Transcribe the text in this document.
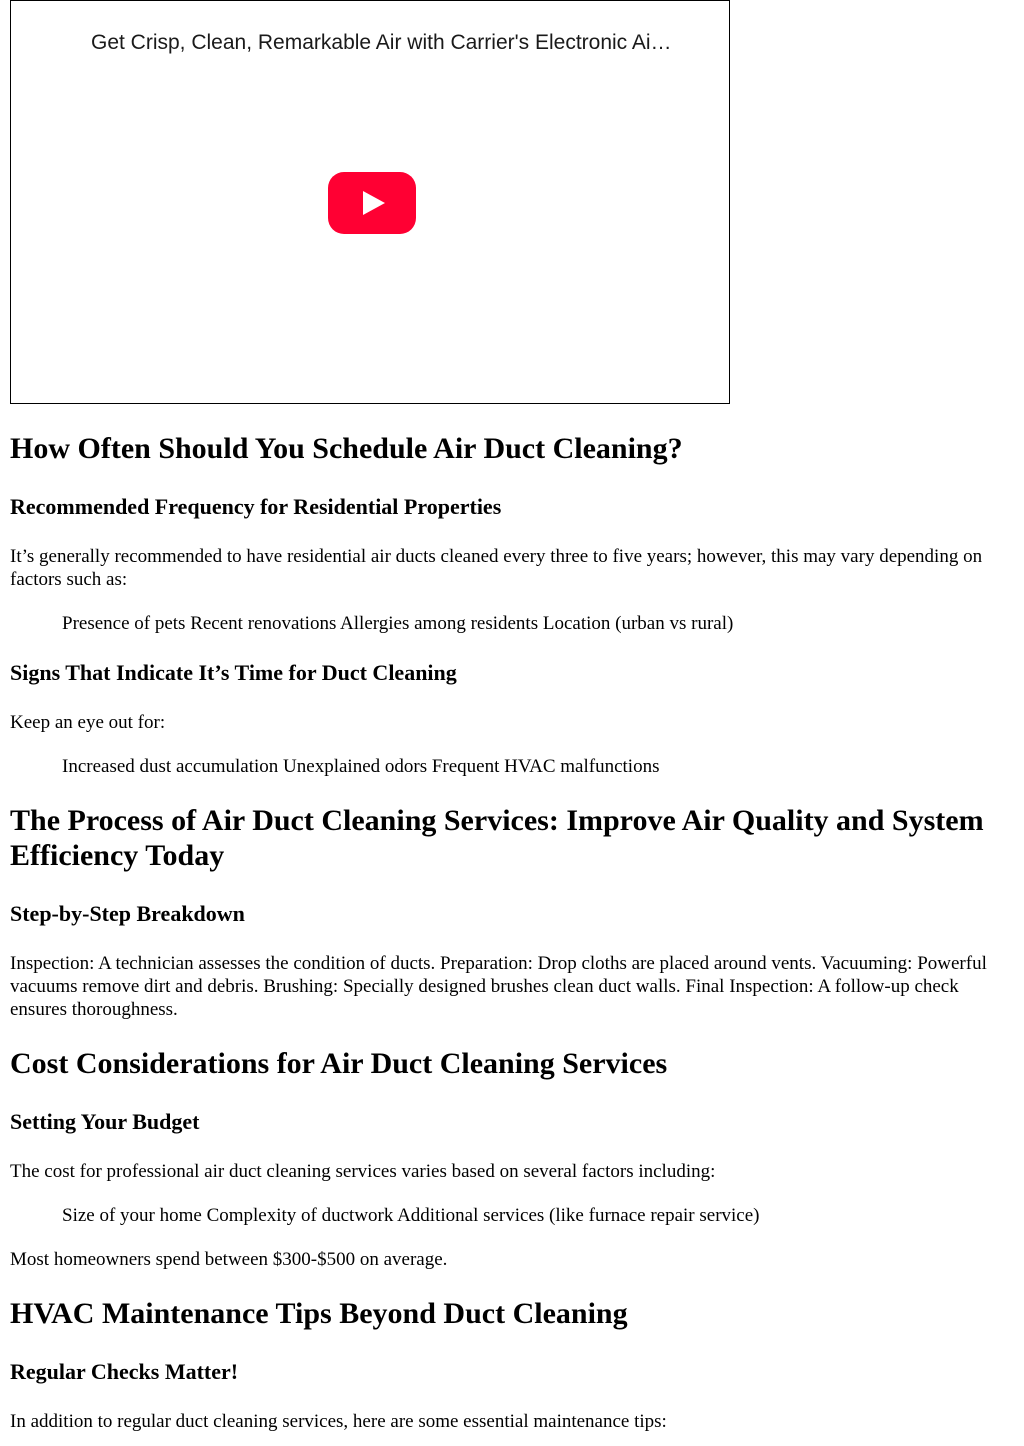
Get Crisp, Clean, Remarkable Air with Carrier's Electronic Ai…
How Often Should You Schedule Air Duct Cleaning?
Recommended Frequency for Residential Properties

It’s generally recommended to have residential air ducts cleaned every three to five years; however, this may vary depending on factors such as:

Presence of pets Recent renovations Allergies among residents Location (urban vs rural)

Signs That Indicate It’s Time for Duct Cleaning

Keep an eye out for:

Increased dust accumulation Unexplained odors Frequent HVAC malfunctions

The Process of Air Duct Cleaning Services: Improve Air Quality and System Efficiency Today
Step-by-Step Breakdown

Inspection: A technician assesses the condition of ducts. Preparation: Drop cloths are placed around vents. Vacuuming: Powerful vacuums remove dirt and debris. Brushing: Specially designed brushes clean duct walls. Final Inspection: A follow-up check ensures thoroughness.

Cost Considerations for Air Duct Cleaning Services
Setting Your Budget

The cost for professional air duct cleaning services varies based on several factors including:

Size of your home Complexity of ductwork Additional services (like furnace repair service)

Most homeowners spend between $300-$500 on average.

HVAC Maintenance Tips Beyond Duct Cleaning
Regular Checks Matter!

In addition to regular duct cleaning services, here are some essential maintenance tips:
